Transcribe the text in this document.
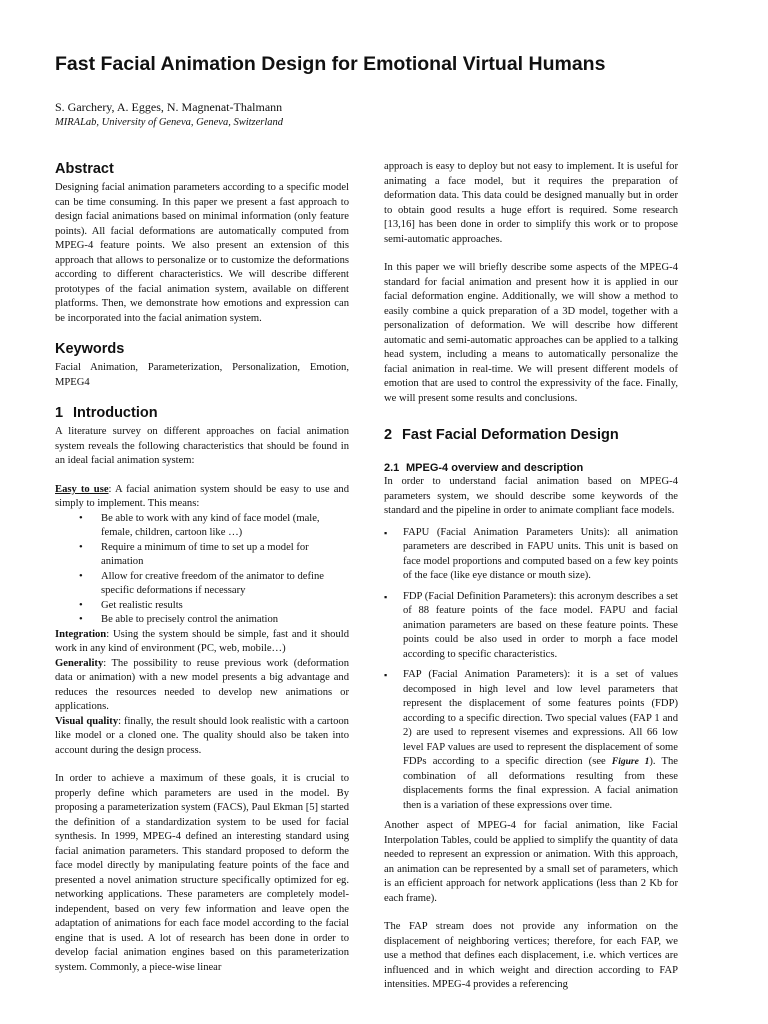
Fast Facial Animation Design for Emotional Virtual Humans
S. Garchery, A. Egges, N. Magnenat-Thalmann
MIRALab, University of Geneva, Geneva, Switzerland
Abstract

Designing facial animation parameters according to a specific model can be time consuming. In this paper we present a fast approach to design facial animations based on minimal information (only feature points). All facial deformations are automatically computed from MPEG-4 feature points. We also present an extension of this approach that allows to personalize or to customize the deformations according to different characteristics. We will describe different prototypes of the facial animation system, available on different platforms. Then, we demonstrate how emotions and expression can be incorporated into the facial animation system.

Keywords

Facial Animation, Parameterization, Personalization, Emotion, MPEG4

1 Introduction

A literature survey on different approaches on facial animation system reveals the following characteristics that should be found in an ideal facial animation system:

Easy to use: A facial animation system should be easy to use and simply to implement. This means:

• Be able to work with any kind of face model (male, female, children, cartoon like …)
• Require a minimum of time to set up a model for animation
• Allow for creative freedom of the animator to define specific deformations if necessary
• Get realistic results
• Be able to precisely control the animation

Integration: Using the system should be simple, fast and it should work in any kind of environment (PC, web, mobile…)

Generality: The possibility to reuse previous work (deformation data or animation) with a new model presents a big advantage and reduces the resources needed to develop new animations or applications.

Visual quality: finally, the result should look realistic with a cartoon like model or a cloned one. The quality should also be taken into account during the design process.

In order to achieve a maximum of these goals, it is crucial to properly define which parameters are used in the model. By proposing a parameterization system (FACS), Paul Ekman [5] started the definition of a standardization system to be used for facial synthesis. In 1999, MPEG-4 defined an interesting standard using facial animation parameters. This standard proposed to deform the face model directly by manipulating feature points of the face and presented a novel animation structure specifically optimized for eg. networking applications. These parameters are completely model-independent, based on very few information and leave open the adaptation of animations for each face model according to the facial engine that is used. A lot of research has been done in order to develop facial animation engines based on this parameterization system. Commonly, a piece-wise linear

approach is easy to deploy but not easy to implement. It is useful for animating a face model, but it requires the preparation of deformation data. This data could be designed manually but in order to obtain good results a huge effort is required. Some research [13,16] has been done in order to simplify this work or to propose semi-automatic approaches.

In this paper we will briefly describe some aspects of the MPEG-4 standard for facial animation and present how it is applied in our facial deformation engine. Additionally, we will show a method to easily combine a quick preparation of a 3D model, together with a personalization of deformation. We will describe how different automatic and semi-automatic approaches can be applied to a talking head system, including a means to automatically personalize the facial animation in real-time. We will present different models of emotion that are used to control the expressivity of the face. Finally, we will present some results and conclusions.

2 Fast Facial Deformation Design
2.1 MPEG-4 overview and description

In order to understand facial animation based on MPEG-4 parameters system, we should describe some keywords of the standard and the pipeline in order to animate compliant face models.

▪ FAPU (Facial Animation Parameters Units): all animation parameters are described in FAPU units. This unit is based on face model proportions and computed based on a few key points of the face (like eye distance or mouth size).
▪ FDP (Facial Definition Parameters): this acronym describes a set of 88 feature points of the face model. FAPU and facial animation parameters are based on these feature points. These points could be also used in order to morph a face model according to specific characteristics.
▪ FAP (Facial Animation Parameters): it is a set of values decomposed in high level and low level parameters that represent the displacement of some features points (FDP) according to a specific direction. Two special values (FAP 1 and 2) are used to represent visemes and expressions. All 66 low level FAP values are used to represent the displacement of some FDPs according to a specific direction (see Figure 1). The combination of all deformations resulting from these displacements forms the final expression. A facial animation then is a variation of these expressions over time.

Another aspect of MPEG-4 for facial animation, like Facial Interpolation Tables, could be applied to simplify the quantity of data needed to represent an expression or animation. With this approach, an animation can be represented by a small set of parameters, which is an efficient approach for network applications (less than 2 Kb for each frame).

The FAP stream does not provide any information on the displacement of neighboring vertices; therefore, for each FAP, we use a method that defines each displacement, i.e. which vertices are influenced and in which weight and direction according to FAP intensities. MPEG-4 provides a referencing
